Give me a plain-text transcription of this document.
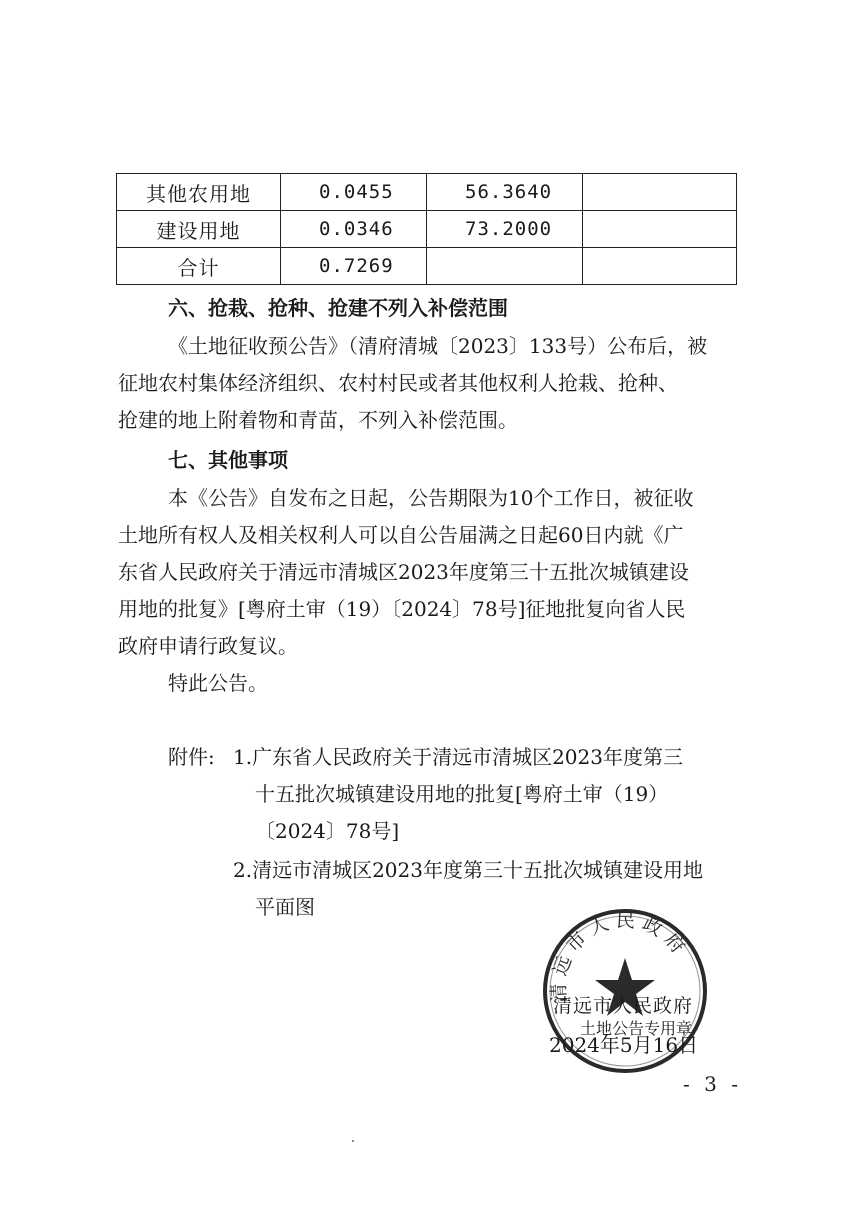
其他农用地	0.0455	56.3640	
建设用地	0.0346	73.2000	
合计	0.7269		
六、抢栽、抢种、抢建不列入补偿范围
《土地征收预公告》（清府清城〔2023〕133号）公布后，被
征地农村集体经济组织、农村村民或者其他权利人抢栽、抢种、
抢建的地上附着物和青苗，不列入补偿范围。
七、其他事项
本《公告》自发布之日起，公告期限为10个工作日，被征收
土地所有权人及相关权利人可以自公告届满之日起60日内就《广
东省人民政府关于清远市清城区2023年度第三十五批次城镇建设
用地的批复》[粤府土审（19）〔2024〕78号]征地批复向省人民
政府申请行政复议。
特此公告。
附件: 1.广东省人民政府关于清远市清城区2023年度第三
十五批次城镇建设用地的批复[粤府土审（19）
〔2024〕78号]
2.清远市清城区2023年度第三十五批次城镇建设用地
平面图
清远市人民政府
清远市人民政府
土地公告专用章
2024年5月16日
- 3 -
